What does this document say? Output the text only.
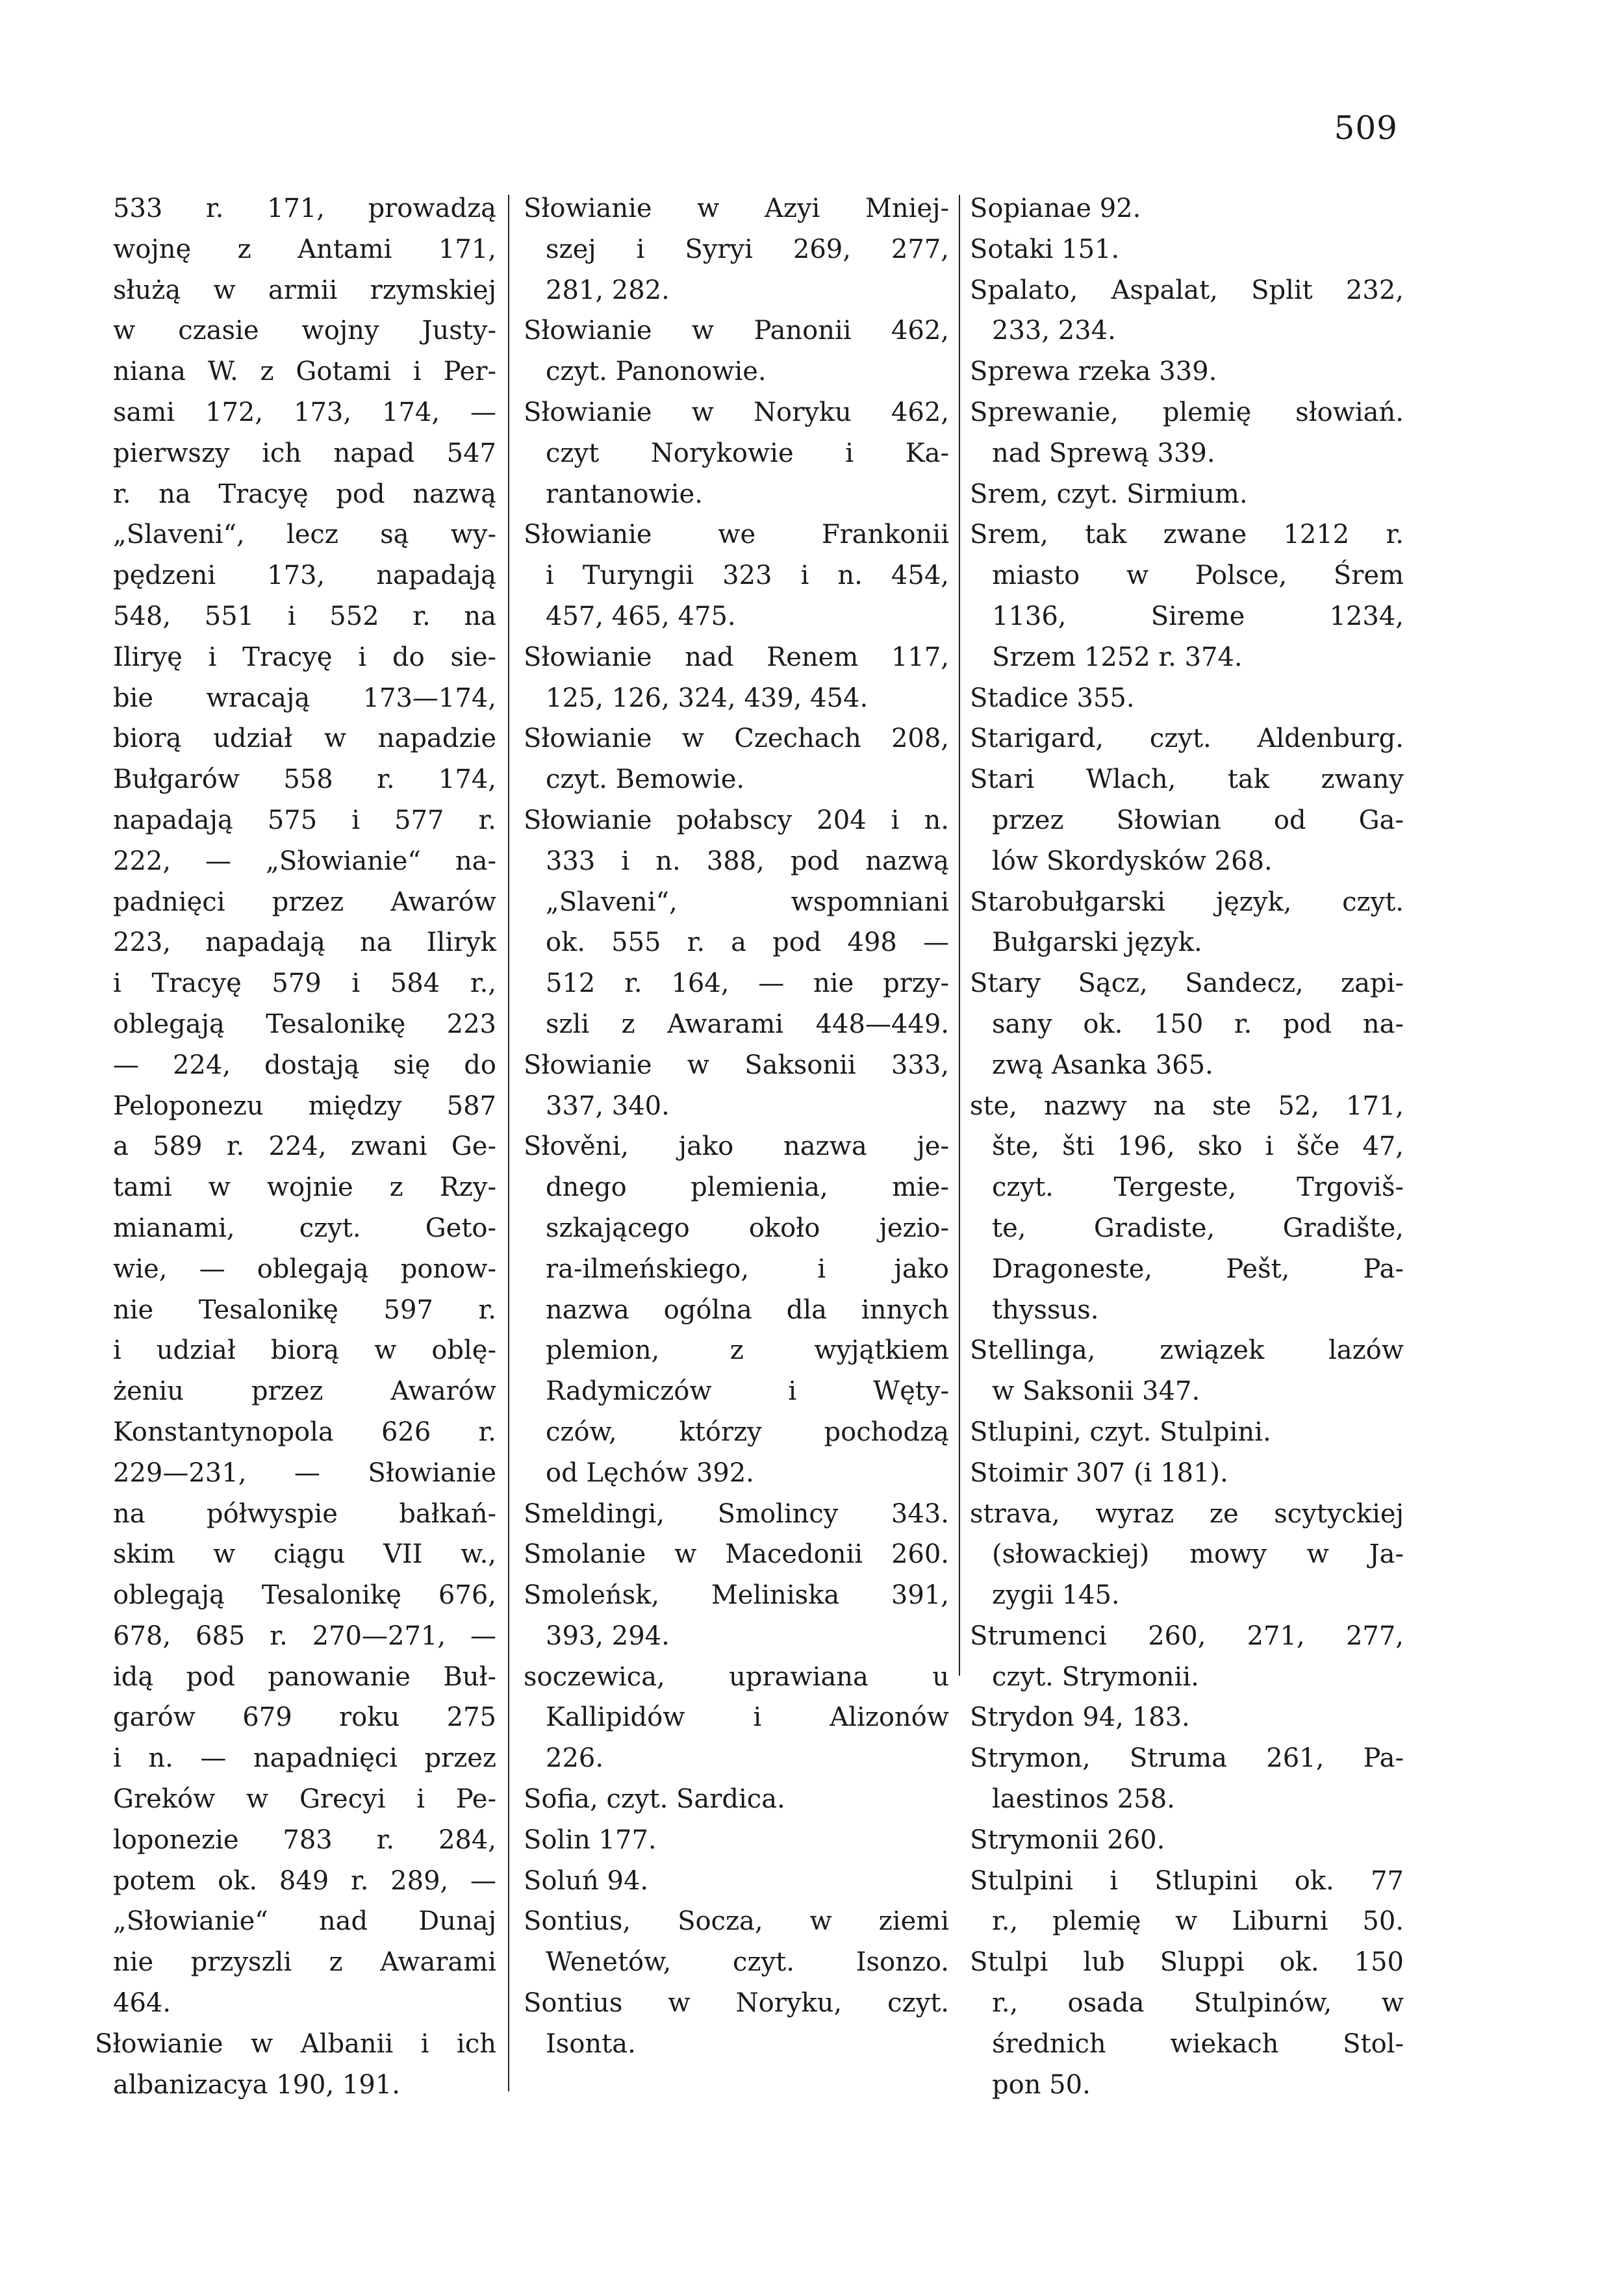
509
533 r. 171, prowadzą
wojnę z Antami 171,
służą w armii rzymskiej
w czasie wojny Justy-
niana W. z Gotami i Per-
sami 172, 173, 174, —
pierwszy ich napad 547
r. na Tracyę pod nazwą
„Slaveni“, lecz są wy-
pędzeni 173, napadają
548, 551 i 552 r. na
Iliryę i Tracyę i do sie-
bie wracają 173—174,
biorą udział w napadzie
Bułgarów 558 r. 174,
napadają 575 i 577 r.
222, — „Słowianie“ na-
padnięci przez Awarów
223, napadają na Iliryk
i Tracyę 579 i 584 r.,
oblegają Tesalonikę 223
— 224, dostają się do
Peloponezu między 587
a 589 r. 224, zwani Ge-
tami w wojnie z Rzy-
mianami, czyt. Geto-
wie, — oblegają ponow-
nie Tesalonikę 597 r.
i udział biorą w oblę-
żeniu przez Awarów
Konstantynopola 626 r.
229—231, — Słowianie
na półwyspie bałkań-
skim w ciągu VII w.,
oblegają Tesalonikę 676,
678, 685 r. 270—271, —
idą pod panowanie Buł-
garów 679 roku 275
i n. — napadnięci przez
Greków w Grecyi i Pe-
loponezie 783 r. 284,
potem ok. 849 r. 289, —
„Słowianie“ nad Dunaj
nie przyszli z Awarami
464.
Słowianie w Albanii i ich
albanizacya 190, 191.
Słowianie w Azyi Mniej-
szej i Syryi 269, 277,
281, 282.
Słowianie w Panonii 462,
czyt. Panonowie.
Słowianie w Noryku 462,
czyt Norykowie i Ka-
rantanowie.
Słowianie we Frankonii
i Turyngii 323 i n. 454,
457, 465, 475.
Słowianie nad Renem 117,
125, 126, 324, 439, 454.
Słowianie w Czechach 208,
czyt. Bemowie.
Słowianie połabscy 204 i n.
333 i n. 388, pod nazwą
„Slaveni“, wspomniani
ok. 555 r. a pod 498 —
512 r. 164, — nie przy-
szli z Awarami 448—449.
Słowianie w Saksonii 333,
337, 340.
Słověni, jako nazwa je-
dnego plemienia, mie-
szkającego około jezio-
ra-ilmeńskiego, i jako
nazwa ogólna dla innych
plemion, z wyjątkiem
Radymiczów i Węty-
czów, którzy pochodzą
od Lęchów 392.
Smeldingi, Smolincy 343.
Smolanie w Macedonii 260.
Smoleńsk, Meliniska 391,
393, 294.
soczewica, uprawiana u
Kallipidów i Alizonów
226.
Sofia, czyt. Sardica.
Solin 177.
Soluń 94.
Sontius, Socza, w ziemi
Wenetów, czyt. Isonzo.
Sontius w Noryku, czyt.
Isonta.
Sopianae 92.
Sotaki 151.
Spalato, Aspalat, Split 232,
233, 234.
Sprewa rzeka 339.
Sprewanie, plemię słowiań.
nad Sprewą 339.
Srem, czyt. Sirmium.
Srem, tak zwane 1212 r.
miasto w Polsce, Śrem
1136, Sireme 1234,
Srzem 1252 r. 374.
Stadice 355.
Starigard, czyt. Aldenburg.
Stari Wlach, tak zwany
przez Słowian od Ga-
lów Skordysków 268.
Starobułgarski język, czyt.
Bułgarski język.
Stary Sącz, Sandecz, zapi-
sany ok. 150 r. pod na-
zwą Asanka 365.
ste, nazwy na ste 52, 171,
šte, šti 196, sko i šče 47,
czyt. Tergeste, Trgoviš-
te, Gradiste, Gradište,
Dragoneste, Pešt, Pa-
thyssus.
Stellinga, związek lazów
w Saksonii 347.
Stlupini, czyt. Stulpini.
Stoimir 307 (i 181).
strava, wyraz ze scytyckiej
(słowackiej) mowy w Ja-
zygii 145.
Strumenci 260, 271, 277,
czyt. Strymonii.
Strydon 94, 183.
Strymon, Struma 261, Pa-
laestinos 258.
Strymonii 260.
Stulpini i Stlupini ok. 77
r., plemię w Liburni 50.
Stulpi lub Sluppi ok. 150
r., osada Stulpinów, w
średnich wiekach Stol-
pon 50.
